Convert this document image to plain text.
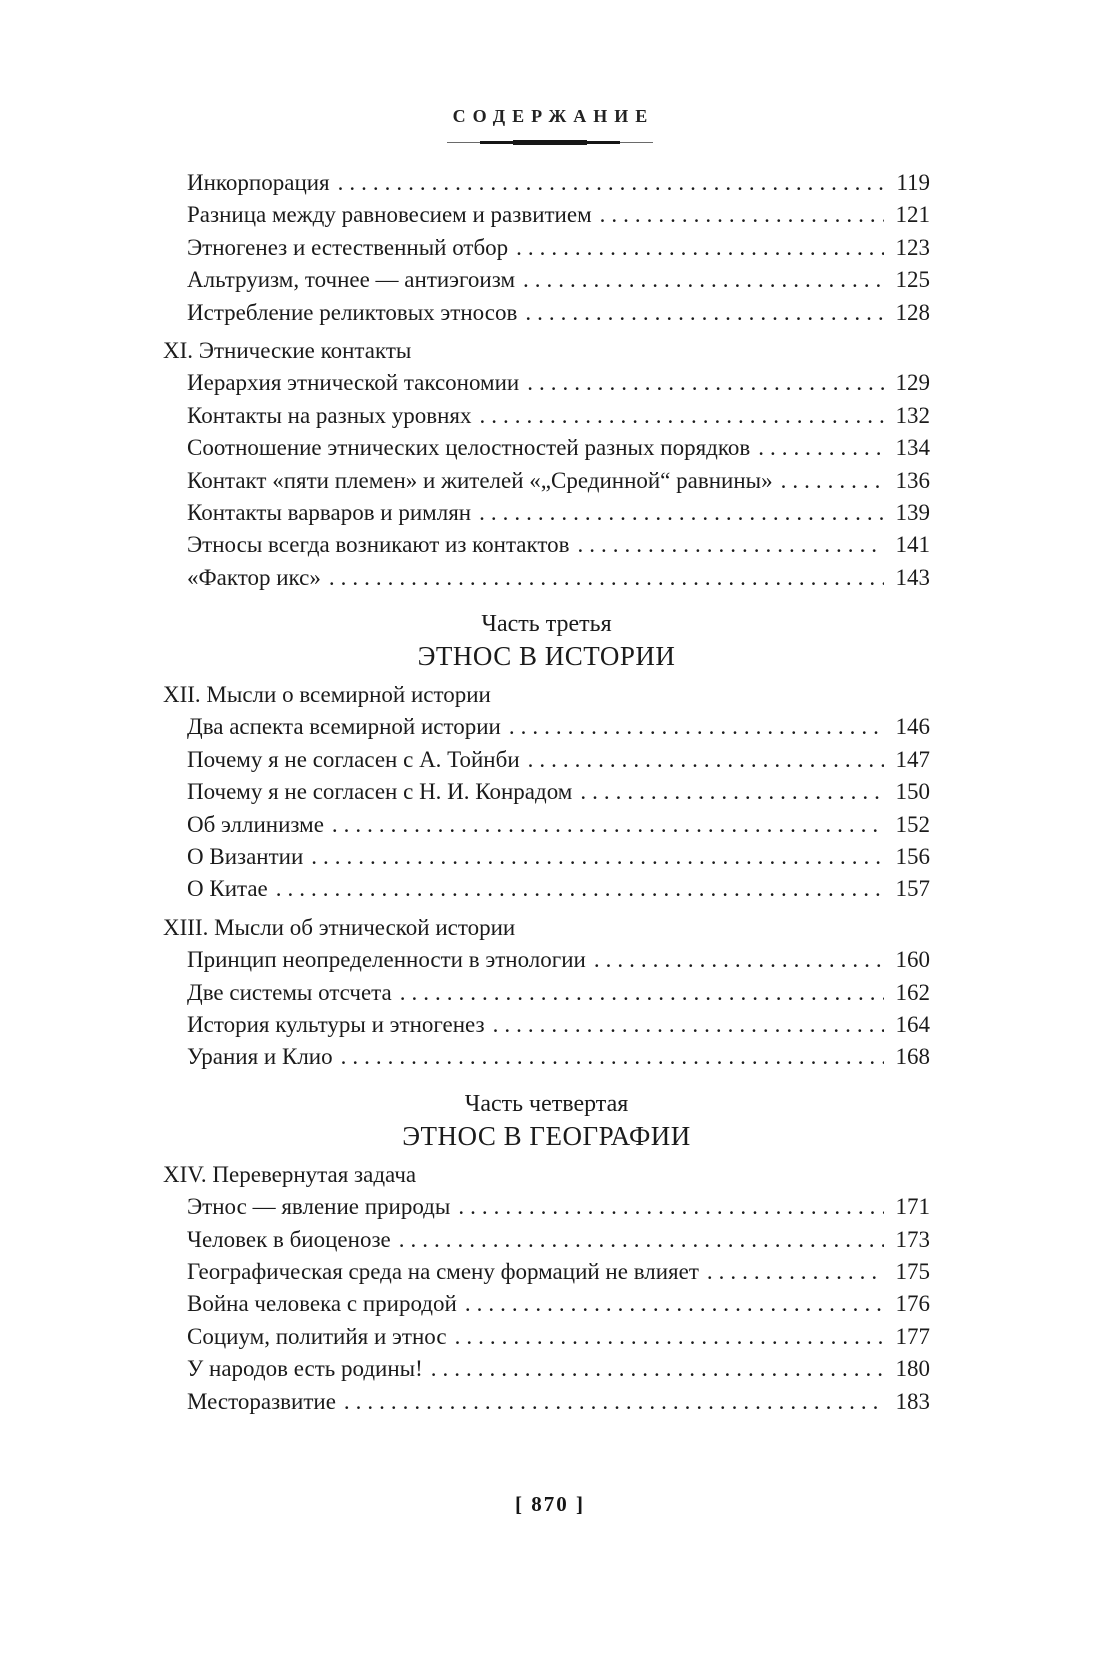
СОДЕРЖАНИЕ
Инкорпорация .....	119
Разница между равновесием и развитием .....	121
Этногенез и естественный отбор .....	123
Альтруизм, точнее — антиэгоизм .....	125
Истребление реликтовых этносов .....	128
XI. Этнические контакты
Иерархия этнической таксономии .....	129
Контакты на разных уровнях .....	132
Соотношение этнических целостностей разных порядков .....	134
Контакт «пяти племен» и жителей «„Срединной“ равнины» .....	136
Контакты варваров и римлян .....	139
Этносы всегда возникают из контактов .....	141
«Фактор икс» .....	143
Часть третья
ЭТНОС В ИСТОРИИ
XII. Мысли о всемирной истории
Два аспекта всемирной истории .....	146
Почему я не согласен с А. Тойнби .....	147
Почему я не согласен с Н. И. Конрадом .....	150
Об эллинизме .....	152
О Византии .....	156
О Китае .....	157
XIII. Мысли об этнической истории
Принцип неопределенности в этнологии .....	160
Две системы отсчета .....	162
История культуры и этногенез .....	164
Урания и Клио .....	168
Часть четвертая
ЭТНОС В ГЕОГРАФИИ
XIV. Перевернутая задача
Этнос — явление природы .....	171
Человек в биоценозе .....	173
Географическая среда на смену формаций не влияет .....	175
Война человека с природой .....	176
Социум, политийя и этнос .....	177
У народов есть родины! .....	180
Месторазвитие .....	183
[ 870 ]
